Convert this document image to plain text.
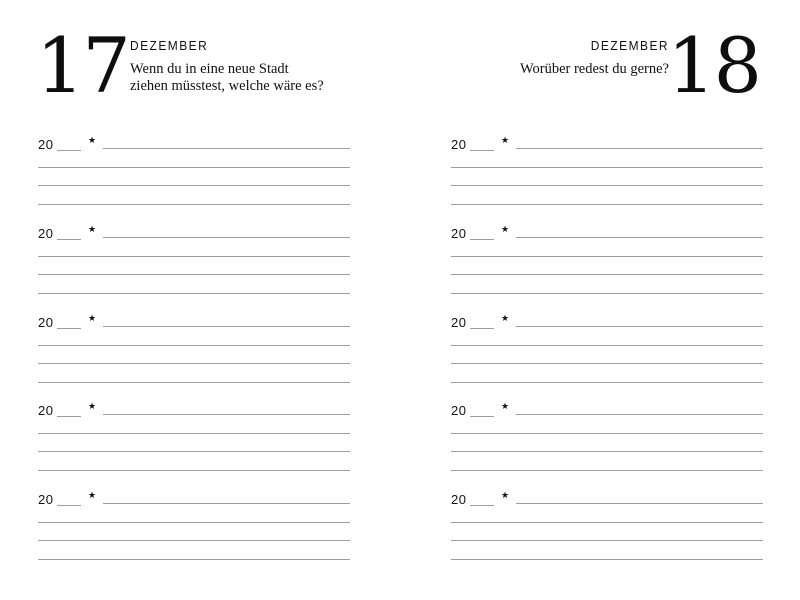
17 DEZEMBER
Wenn du in eine neue Stadt
ziehen müsstest, welche wäre es?
20	★
20	★
20	★
20	★
20	★
18
DEZEMBER
Worüber redest du gerne?
20	★
20	★
20	★
20	★
20	★
